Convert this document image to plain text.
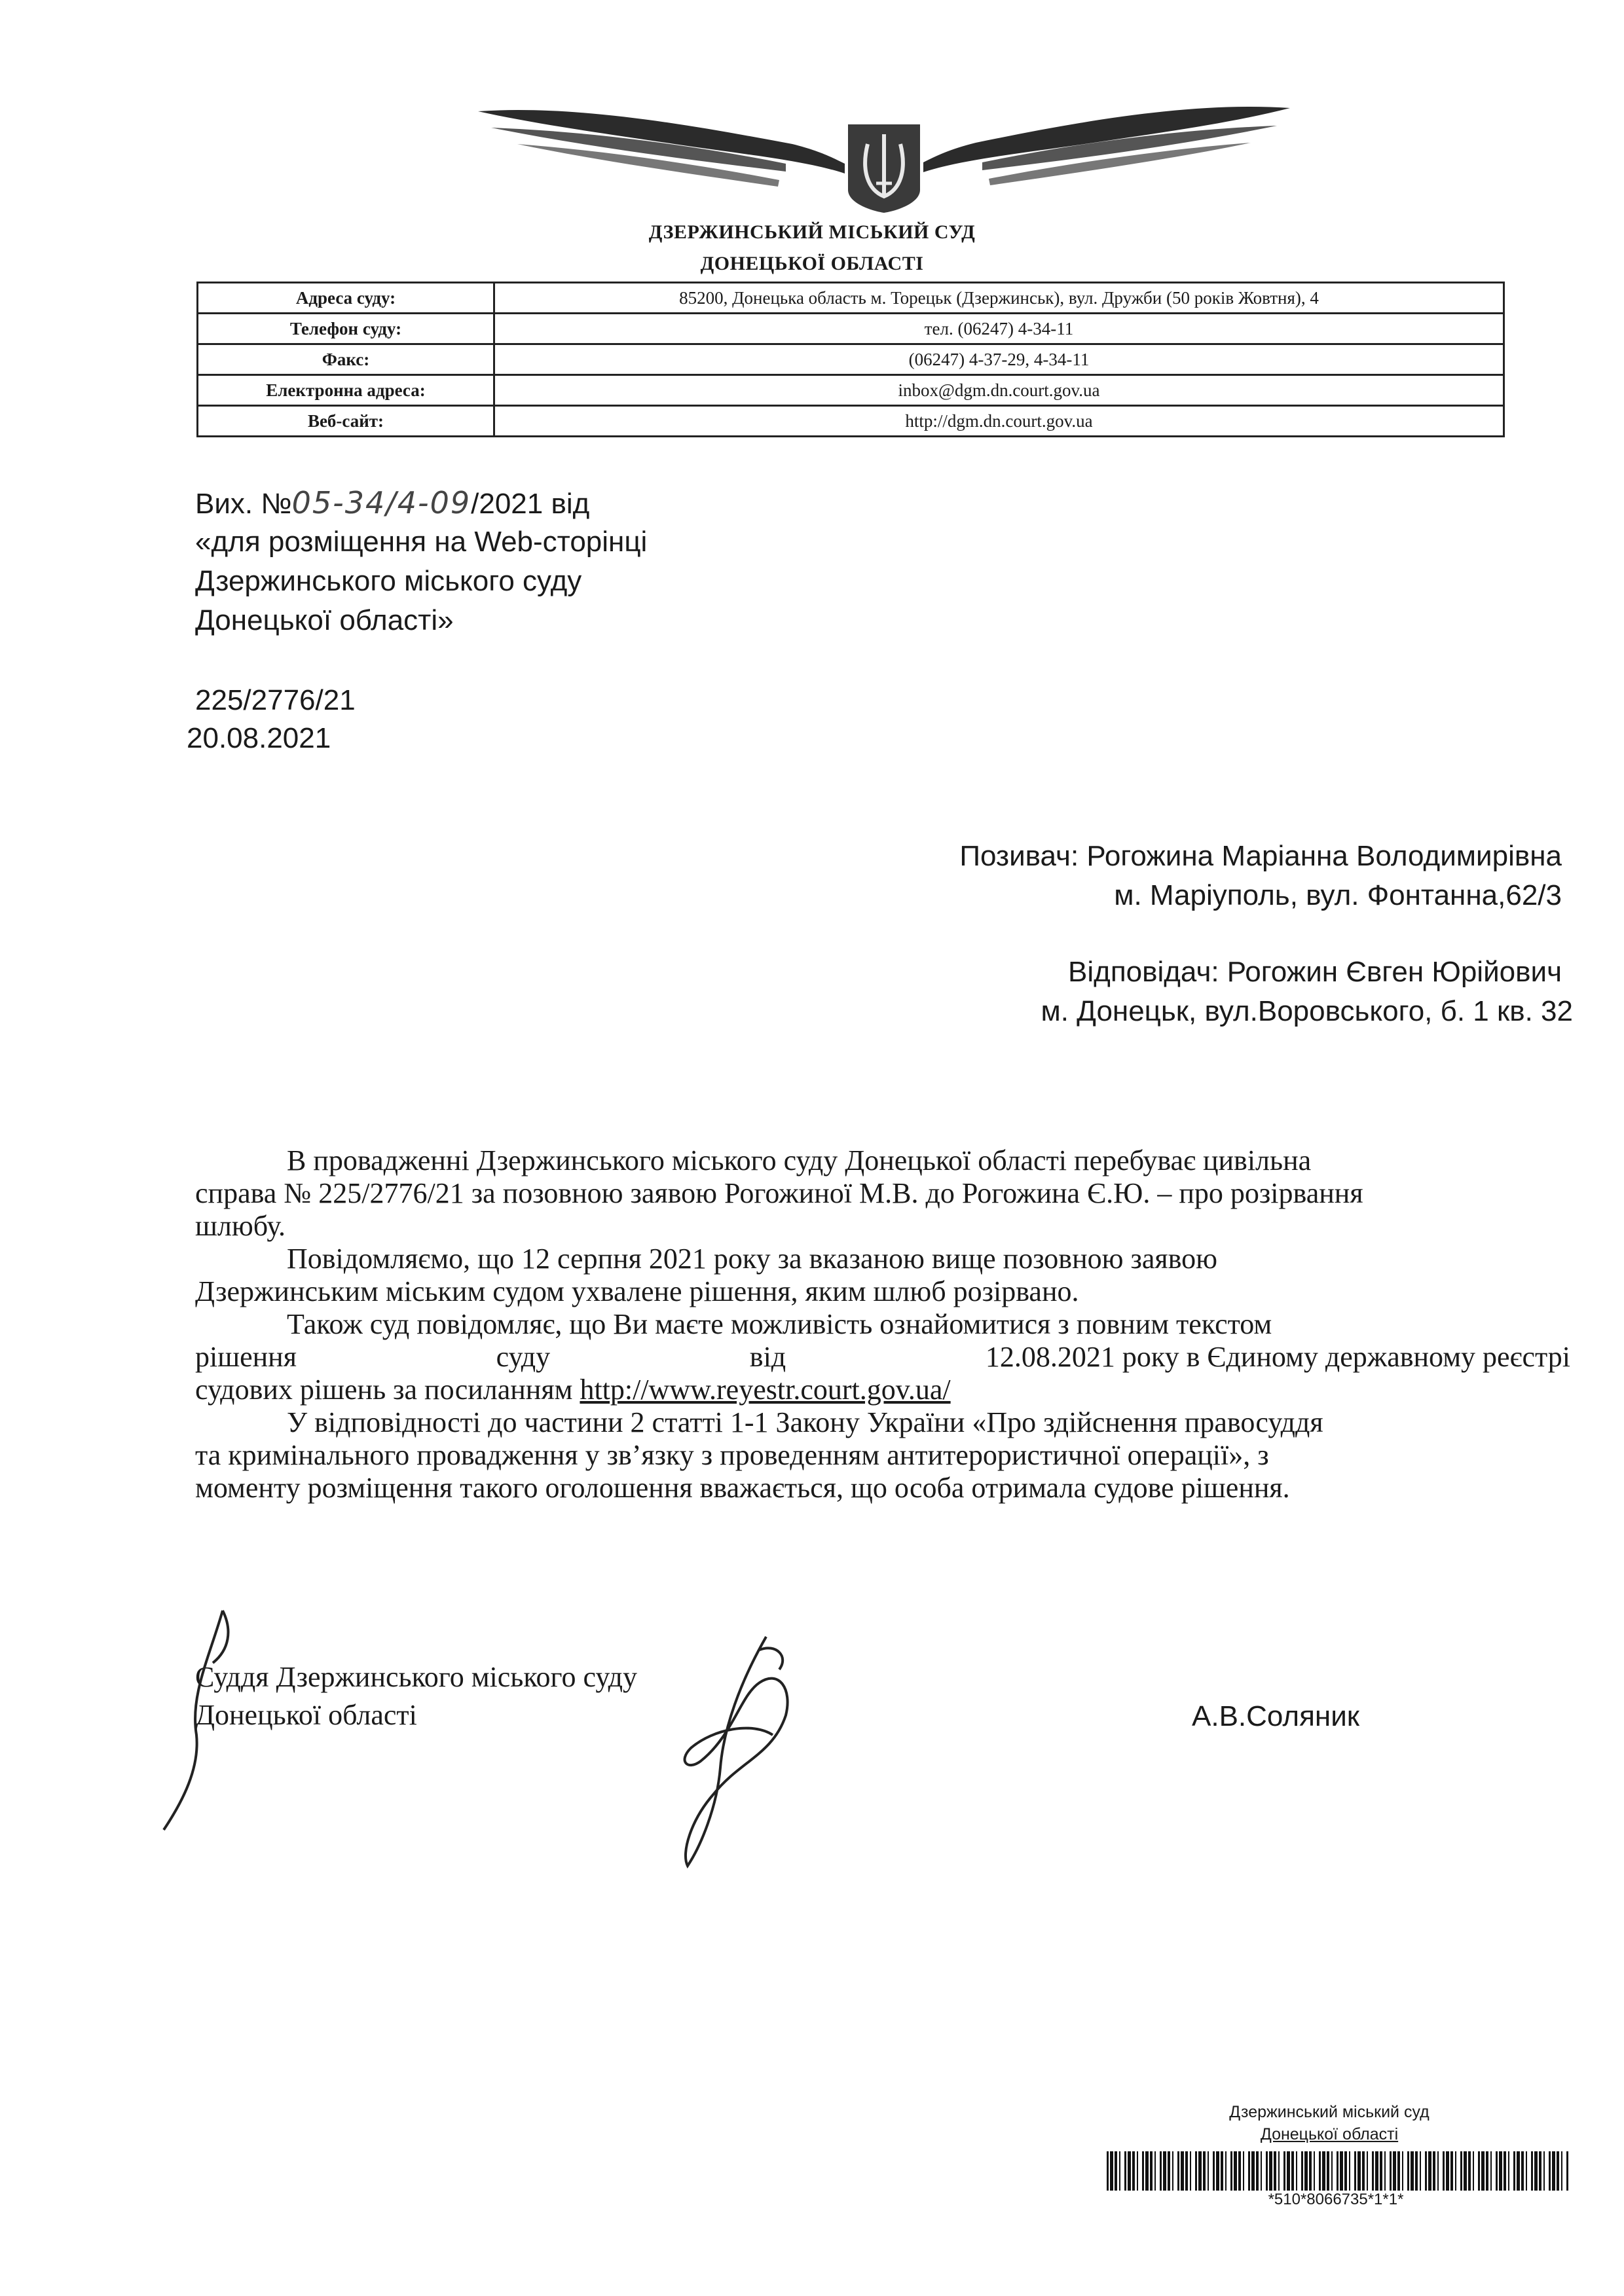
ДЗЕРЖИНСЬКИЙ МІСЬКИЙ СУД
ДОНЕЦЬКОЇ ОБЛАСТІ
Адреса суду:	85200, Донецька область м. Торецьк (Дзержинськ), вул. Дружби (50 років Жовтня), 4
Телефон суду:	тел. (06247) 4-34-11
Факс:	(06247) 4-37-29, 4-34-11
Електронна адреса:	inbox@dgm.dn.court.gov.ua
Веб-сайт:	http://dgm.dn.court.gov.ua
Вих. №05-34/4-09/2021 від
«для розміщення на Web-сторінці
Дзержинського міського суду
Донецької області»
225/2776/21
20.08.2021
Позивач: Рогожина Маріанна Володимирівна
м. Маріуполь, вул. Фонтанна,62/3
Відповідач: Рогожин Євген Юрійович
м. Донецьк, вул.Воровського, б. 1 кв. 32
В провадженні Дзержинського міського суду Донецької області перебуває цивільна
справа № 225/2776/21 за позовною заявою Рогожиної М.В. до Рогожина Є.Ю. – про розірвання
шлюбу.
Повідомляємо, що 12 серпня 2021 року за вказаною вище позовною заявою
Дзержинським міським судом ухвалене рішення, яким шлюб розірвано.
Також суд повідомляє, що Ви маєте можливість ознайомитися з повним текстом
рішення	суду	від	12.08.2021 року в Єдиному державному реєстрі
судових рішень за посиланням http://www.reyestr.court.gov.ua/
У відповідності до частини 2 статті 1-1 Закону України «Про здійснення правосуддя
та кримінального провадження у зв’язку з проведенням антитерористичної операції», з
моменту розміщення такого оголошення вважається, що особа отримала судове рішення.
Суддя Дзержинського міського суду
Донецької області	А.В.Соляник
Дзержинський міський суд
Донецької області
*510*8066735*1*1*
